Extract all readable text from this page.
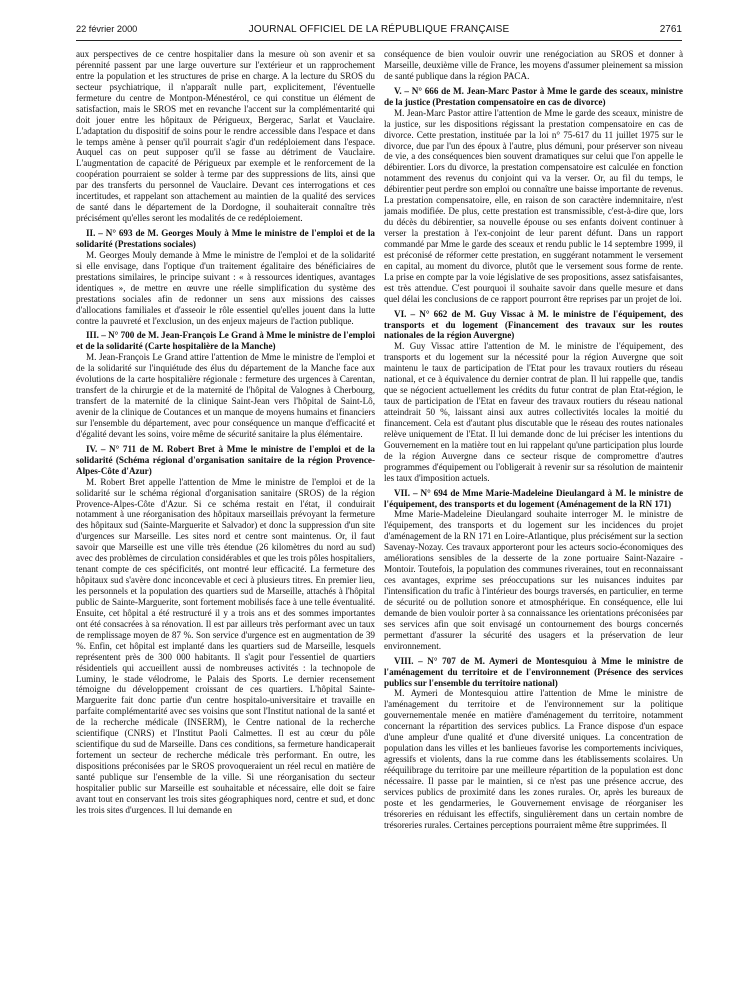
22 février 2000	JOURNAL OFFICIEL DE LA RÉPUBLIQUE FRANÇAISE	2761

aux perspectives de ce centre hospitalier dans la mesure où son avenir et sa pérennité passent par une large ouverture sur l'extérieur et un rapprochement entre la population et les structures de prise en charge. A la lecture du SROS du secteur psychiatrique, il n'apparaît nulle part, explicitement, l'éventuelle fermeture du centre de Montpon-Ménestérol, ce qui constitue un élément de satisfaction, mais le SROS met en revanche l'accent sur la complémentarité qui doit jouer entre les hôpitaux de Périgueux, Bergerac, Sarlat et Vauclaire. L'adaptation du dispositif de soins pour le rendre accessible dans l'espace et dans le temps amène à penser qu'il pourrait s'agir d'un redéploiement dans l'espace. Auquel cas on peut supposer qu'il se fasse au détriment de Vauclaire. L'augmentation de capacité de Périgueux par exemple et le renforcement de la coopération pourraient se solder à terme par des suppressions de lits, ainsi que par des transferts du personnel de Vauclaire. Devant ces interrogations et ces incertitudes, et rappelant son attachement au maintien de la qualité des services de santé dans le département de la Dordogne, il souhaiterait connaître très précisément qu'elles seront les modalités de ce redéploiement.

II. – N° 693 de M. Georges Mouly à Mme le ministre de l'emploi et de la solidarité (Prestations sociales)

M. Georges Mouly demande à Mme le ministre de l'emploi et de la solidarité si elle envisage, dans l'optique d'un traitement égalitaire des bénéficiaires de prestations similaires, le principe suivant : « à ressources identiques, avantages identiques », de mettre en œuvre une réelle simplification du système des prestations sociales afin de redonner un sens aux missions des caisses d'allocations familiales et d'asseoir le rôle essentiel qu'elles jouent dans la lutte contre la pauvreté et l'exclusion, un des enjeux majeurs de l'action publique.

III. – N° 700 de M. Jean-François Le Grand à Mme le ministre de l'emploi et de la solidarité (Carte hospitalière de la Manche)

M. Jean-François Le Grand attire l'attention de Mme le ministre de l'emploi et de la solidarité sur l'inquiétude des élus du département de la Manche face aux évolutions de la carte hospitalière régionale : fermeture des urgences à Carentan, transfert de la chirurgie et de la maternité de l'hôpital de Valognes à Cherbourg, transfert de la maternité de la clinique Saint-Jean vers l'hôpital de Saint-Lô, avenir de la clinique de Coutances et un manque de moyens humains et financiers sur l'ensemble du département, avec pour conséquence un manque d'efficacité et d'égalité devant les soins, voire même de sécurité sanitaire la plus élémentaire.

IV. – N° 711 de M. Robert Bret à Mme le ministre de l'emploi et de la solidarité (Schéma régional d'organisation sanitaire de la région Provence-Alpes-Côte d'Azur)

M. Robert Bret appelle l'attention de Mme le ministre de l'emploi et de la solidarité sur le schéma régional d'organisation sanitaire (SROS) de la région Provence-Alpes-Côte d'Azur. Si ce schéma restait en l'état, il conduirait notamment à une réorganisation des hôpitaux marseillais prévoyant la fermeture des hôpitaux sud (Sainte-Marguerite et Salvador) et donc la suppression d'un site d'urgences sur Marseille. Les sites nord et centre sont maintenus. Or, il faut savoir que Marseille est une ville très étendue (26 kilomètres du nord au sud) avec des problèmes de circulation considérables et que les trois pôles hospitaliers, tenant compte de ces spécificités, ont montré leur efficacité. La fermeture des hôpitaux sud s'avère donc inconcevable et ceci à plusieurs titres. En premier lieu, les personnels et la population des quartiers sud de Marseille, attachés à l'hôpital public de Sainte-Marguerite, sont fortement mobilisés face à une telle éventualité. Ensuite, cet hôpital a été restructuré il y a trois ans et des sommes importantes ont été consacrées à sa rénovation. Il est par ailleurs très performant avec un taux de remplissage moyen de 87 %. Son service d'urgence est en augmentation de 39 %. Enfin, cet hôpital est implanté dans les quartiers sud de Marseille, lesquels représentent près de 300 000 habitants. Il s'agit pour l'essentiel de quartiers résidentiels qui accueillent aussi de nombreuses activités : la technopole de Luminy, le stade vélodrome, le Palais des Sports. Le dernier recensement témoigne du développement croissant de ces quartiers. L'hôpital Sainte-Marguerite fait donc partie d'un centre hospitalo-universitaire et travaille en parfaite complémentarité avec ses voisins que sont l'Institut national de la santé et de la recherche médicale (INSERM), le Centre national de la recherche scientifique (CNRS) et l'Institut Paoli Calmettes. Il est au cœur du pôle scientifique du sud de Marseille. Dans ces conditions, sa fermeture handicaperait fortement un secteur de recherche médicale très performant. En outre, les dispositions préconisées par le SROS provoqueraient un réel recul en matière de santé publique sur l'ensemble de la ville. Si une réorganisation du secteur hospitalier public sur Marseille est souhaitable et nécessaire, elle doit se faire avant tout en conservant les trois sites géographiques nord, centre et sud, et donc les trois sites d'urgences. Il lui demande en

conséquence de bien vouloir ouvrir une renégociation au SROS et donner à Marseille, deuxième ville de France, les moyens d'assumer pleinement sa mission de santé publique dans la région PACA.

V. – N° 666 de M. Jean-Marc Pastor à Mme le garde des sceaux, ministre de la justice (Prestation compensatoire en cas de divorce)

M. Jean-Marc Pastor attire l'attention de Mme le garde des sceaux, ministre de la justice, sur les dispositions régissant la prestation compensatoire en cas de divorce. Cette prestation, instituée par la loi n° 75-617 du 11 juillet 1975 sur le divorce, due par l'un des époux à l'autre, plus démuni, pour préserver son niveau de vie, a des conséquences bien souvent dramatiques sur celui que l'on appelle le débirentier. Lors du divorce, la prestation compensatoire est calculée en fonction notamment des revenus du conjoint qui va la verser. Or, au fil du temps, le débirentier peut perdre son emploi ou connaître une baisse importante de revenus. La prestation compensatoire, elle, en raison de son caractère indemnitaire, n'est jamais modifiée. De plus, cette prestation est transmissible, c'est-à-dire que, lors du décès du débirentier, sa nouvelle épouse ou ses enfants doivent continuer à verser la prestation à l'ex-conjoint de leur parent défunt. Dans un rapport commandé par Mme le garde des sceaux et rendu public le 14 septembre 1999, il est préconisé de réformer cette prestation, en suggérant notamment le versement en capital, au moment du divorce, plutôt que le versement sous forme de rente. La prise en compte par la voie législative de ses propositions, assez satisfaisantes, est très attendue. C'est pourquoi il souhaite savoir dans quelle mesure et dans quel délai les conclusions de ce rapport pourront être reprises par un projet de loi.

VI. – N° 662 de M. Guy Vissac à M. le ministre de l'équipement, des transports et du logement (Financement des travaux sur les routes nationales de la région Auvergne)

M. Guy Vissac attire l'attention de M. le ministre de l'équipement, des transports et du logement sur la nécessité pour la région Auvergne que soit maintenu le taux de participation de l'Etat pour les travaux routiers du réseau national, et ce à équivalence du dernier contrat de plan. Il lui rappelle que, tandis que se négocient actuellement les crédits du futur contrat de plan Etat-région, le taux de participation de l'Etat en faveur des travaux routiers du réseau national atteindrait 50 %, laissant ainsi aux autres collectivités locales la moitié du financement. Cela est d'autant plus discutable que le réseau des routes nationales relève uniquement de l'Etat. Il lui demande donc de lui préciser les intentions du Gouvernement en la matière tout en lui rappelant qu'une participation plus lourde de la région Auvergne dans ce secteur risque de compromettre d'autres programmes d'équipement ou l'obligerait à revenir sur sa résolution de maintenir les taux d'imposition actuels.

VII. – N° 694 de Mme Marie-Madeleine Dieulangard à M. le ministre de l'équipement, des transports et du logement (Aménagement de la RN 171)

Mme Marie-Madeleine Dieulangard souhaite interroger M. le ministre de l'équipement, des transports et du logement sur les incidences du projet d'aménagement de la RN 171 en Loire-Atlantique, plus précisément sur la section Savenay-Nozay. Ces travaux apporteront pour les acteurs socio-économiques des améliorations sensibles de la desserte de la zone portuaire Saint-Nazaire - Montoir. Toutefois, la population des communes riveraines, tout en reconnaissant ces avantages, exprime ses préoccupations sur les nuisances induites par l'intensification du trafic à l'intérieur des bourgs traversés, en particulier, en terme de sécurité ou de pollution sonore et atmosphérique. En conséquence, elle lui demande de bien vouloir porter à sa connaissance les orientations préconisées par ses services afin que soit envisagé un contournement des bourgs concernés permettant d'assurer la sécurité des usagers et la préservation de leur environnement.

VIII. – N° 707 de M. Aymeri de Montesquiou à Mme le ministre de l'aménagement du territoire et de l'environnement (Présence des services publics sur l'ensemble du territoire national)

M. Aymeri de Montesquiou attire l'attention de Mme le ministre de l'aménagement du territoire et de l'environnement sur la politique gouvernementale menée en matière d'aménagement du territoire, notamment concernant la répartition des services publics. La France dispose d'un espace d'une ampleur d'une qualité et d'une diversité uniques. La concentration de population dans les villes et les banlieues favorise les comportements inciviques, agressifs et violents, dans la rue comme dans les établissements scolaires. Un rééquilibrage du territoire par une meilleure répartition de la population est donc nécessaire. Il passe par le maintien, si ce n'est pas une présence accrue, des services publics de proximité dans les zones rurales. Or, après les bureaux de poste et les gendarmeries, le Gouvernement envisage de réorganiser les trésoreries en réduisant les effectifs, singulièrement dans un certain nombre de trésoreries rurales. Certaines perceptions pourraient même être supprimées. Il
